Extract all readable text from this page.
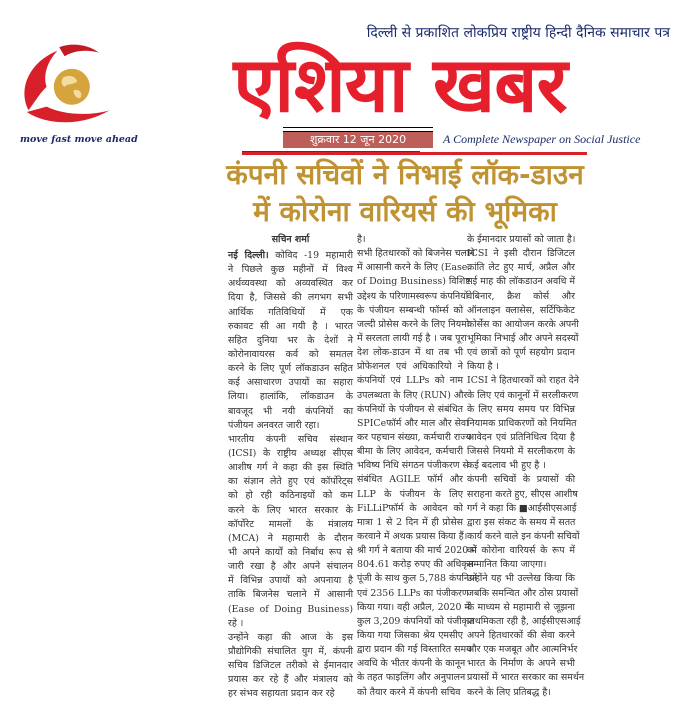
दिल्ली से प्रकाशित लोकप्रिय राष्ट्रीय हिन्दी दैनिक समाचार पत्र
move fast move ahead
एशिया खबर
शुक्रवार 12 जून 2020	A Complete Newspaper on Social Justice
कंपनी सचिवों ने निभाई लॉक-डाउन
में कोरोना वारियर्स की भूमिका
सचिन शर्मा
नई दिल्ली। कोविद -19 महामारी
ने पिछले कुछ महीनों में विश्व
अर्थव्यवस्था को अव्यवस्थित कर
दिया है, जिससे की लगभग सभी
आर्थिक गतिविधियों में एक
रुकावट सी आ गयी है । भारत
सहित दुनिया भर के देशों ने
कोरोनावायरस कर्व को समतल
करने के लिए पूर्ण लॉकडाउन सहित
कई असाधारण उपायों का सहारा
लिया। हालांकि, लॉकडाउन के
बावजूद भी नयी कंपनियों का
पंजीयन अनवरत जारी रहा।
भारतीय कंपनी सचिव संस्थान
(ICSI) के राष्ट्रीय अध्यक्ष सीएस
आशीष गर्ग ने कहा की इस स्थिति
का संज्ञान लेते हुए एवं कॉर्पोरेट्स
को हो रही कठिनाइयों को कम
करने के लिए भारत सरकार के
कॉर्पोरेट मामलों के मंत्रालय
(MCA) ने महामारी के दौरान
भी अपने कार्यों को निर्बाध रूप से
जारी रखा है और अपने संचालन
में विभिन्न उपायों को अपनाया है
ताकि बिजनेस चलाने में आसानी
(Ease of Doing Business)
रहे ।
उन्होंने कहा की आज के इस
प्रौद्योगिकी संचालित युग में, कंपनी
सचिव डिजिटल तरीको से ईमानदार
प्रयास कर रहे हैं और मंत्रालय को
हर संभव सहायता प्रदान कर रहे
है।
सभी हितधारकों को बिजनेस चलाने
में आसानी करने के लिए (Ease
of Doing Business) विशिष्ट
उद्देश्य के परिणामस्वरूप कंपनियों
के पंजीयन सम्बन्धी फॉर्म्स को
जल्दी प्रोसेस करने के लिए नियमो
में सरलता लायी गई है । जब पूरा
देश लोक-डाउन में था तब भी
प्रोफेशनल एवं अधिकारियो ने
कंपनियों एवं LLPs को नाम
उपलब्धता के लिए (RUN) और
कंपनियों के पंजीयन से संबंधित
SPICeफॉर्म और माल और सेवा
कर पहचान संख्या, कर्मचारी राज्य
बीमा के लिए आवेदन, कर्मचारी
भविष्य निधि संगठन पंजीकरण से
संबंधित AGILE फॉर्म और
LLP के पंजीयन के लिए
FiLLiPफॉर्म के आवेदन को
मात्रा 1 से 2 दिन में ही प्रोसेस
करवाने में अथक प्रयास किया हैं।
श्री गर्ग ने बताया की मार्च 2020 में
804.61 करोड़ रुपए की अधिकृत
पूंजी के साथ कुल 5,788 कंपनियों
एवं 2356 LLPs का पंजीकरण
किया गया। वही अप्रैल, 2020 में
कुल 3,209 कंपनियों को पंजीकृत
किया गया जिसका श्रेय एमसीए
द्वारा प्रदान की गई विस्तारित समय
अवधि के भीतर कंपनी के कानून
के तहत फाइलिंग और अनुपालन
को तैयार करने में कंपनी सचिव
के ईमानदार प्रयासों को जाता है।
ICSI ने इसी दौरान डिजिटल
क्रांति लेट हुए मार्च, अप्रैल और
मई माह की लॉकडाउन अवधि में
वेबिनार, क्रैश कोर्स और
ऑनलाइन क्लासेस, सर्टिफिकेट
कोर्सेस का आयोजन करके अपनी
भूमिका निभाई और अपने सदस्यों
एवं छात्रों को पूर्ण सहयोग प्रदान
किया है ।
ICSI ने हितधारकों को राहत देने
के लिए एवं कानूनों में सरलीकरण
के लिए समय समय पर विभिन्न
नियामक प्राधिकरणों को नियमित
आवेदन एवं प्रतिनिधित्व दिया है
जिससे नियमो में सरलीकरण के
कई बदलाव भी हुए है ।
कंपनी सचिवों के प्रयासों की
सराहना करते हुए, सीएस आशीष
गर्ग ने कहा कि ■आईसीएसआई
द्वारा इस संकट के समय में सतत
कार्य करने वाले इन कंपनी सचिवों
को कोरोना वारियर्स के रूप में
सम्मानित किया जाएगा।
उन्होंने यह भी उल्लेख किया कि
जबकि समन्वित और ठोस प्रयासों
के माध्यम से महामारी से जूझना
प्राथमिकता रही है, आईसीएसआई
अपने हितधारकों की सेवा करने
और एक मजबूत और आत्मनिर्भर
भारत के निर्माण के अपने सभी
प्रयासों में भारत सरकार का समर्थन
करने के लिए प्रतिबद्ध है।
